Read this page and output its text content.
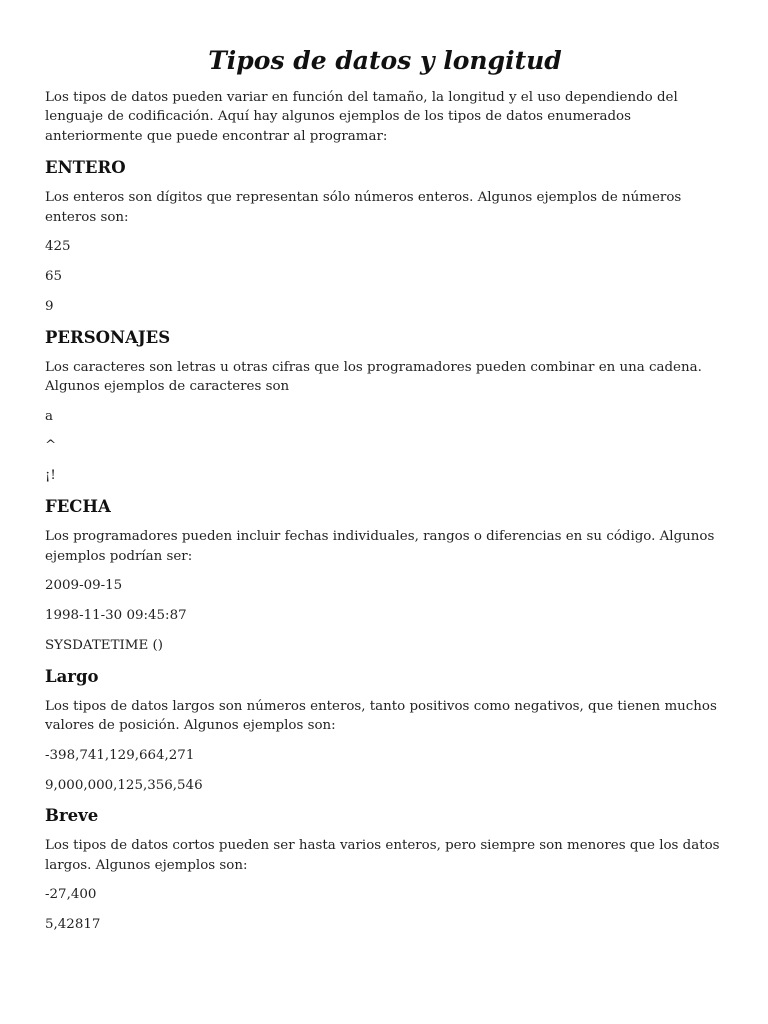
Tipos de datos y longitud

Los tipos de datos pueden variar en función del tamaño, la longitud y el uso dependiendo del lenguaje de codificación. Aquí hay algunos ejemplos de los tipos de datos enumerados anteriormente que puede encontrar al programar:

ENTERO

Los enteros son dígitos que representan sólo números enteros. Algunos ejemplos de números enteros son:

425

65

9

PERSONAJES

Los caracteres son letras u otras cifras que los programadores pueden combinar en una cadena. Algunos ejemplos de caracteres son

a

^

¡!

FECHA

Los programadores pueden incluir fechas individuales, rangos o diferencias en su código. Algunos ejemplos podrían ser:

2009-09-15

1998-11-30 09:45:87

SYSDATETIME ()

Largo

Los tipos de datos largos son números enteros, tanto positivos como negativos, que tienen muchos valores de posición. Algunos ejemplos son:

-398,741,129,664,271

9,000,000,125,356,546

Breve

Los tipos de datos cortos pueden ser hasta varios enteros, pero siempre son menores que los datos largos. Algunos ejemplos son:

-27,400

5,42817
